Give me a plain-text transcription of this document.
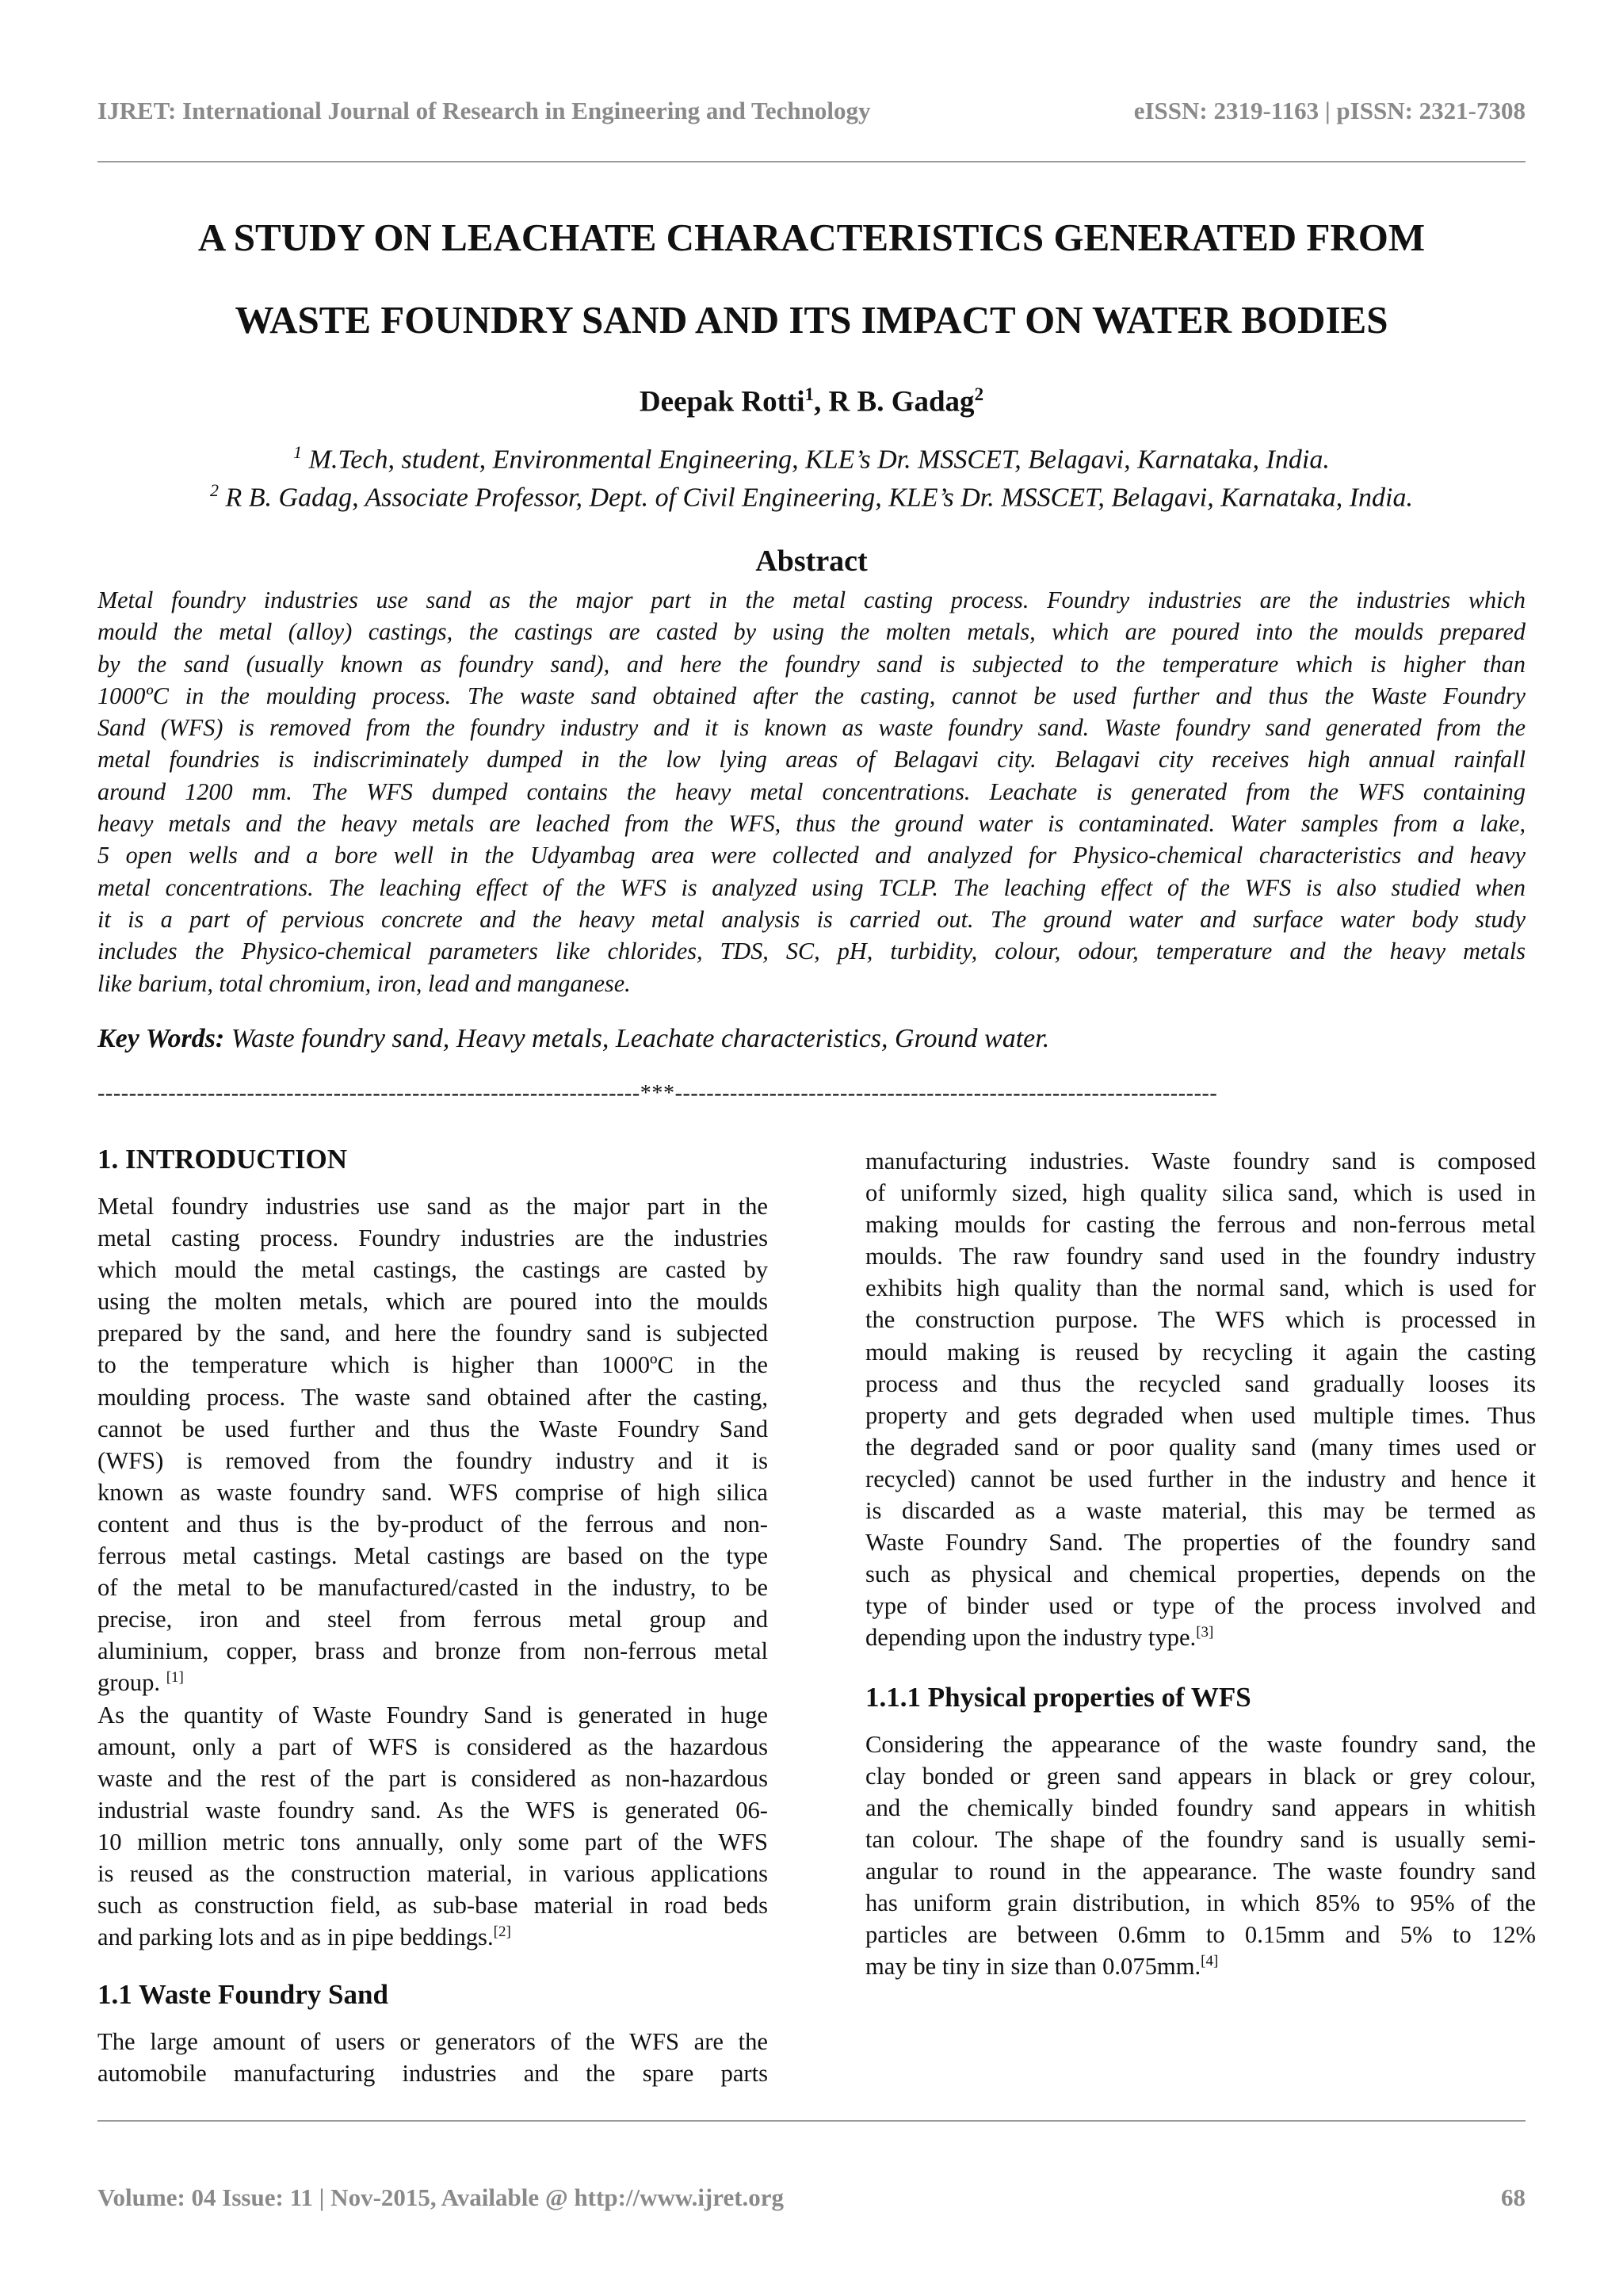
IJRET: International Journal of Research in Engineering and Technology	eISSN: 2319-1163 | pISSN: 2321-7308
A STUDY ON LEACHATE CHARACTERISTICS GENERATED FROM
WASTE FOUNDRY SAND AND ITS IMPACT ON WATER BODIES
Deepak Rotti$^1$, R B. Gadag$^2$
$^1$ M.Tech, student, Environmental Engineering, KLE’s Dr. MSSCET, Belagavi, Karnataka, India.
$^2$ R B. Gadag, Associate Professor, Dept. of Civil Engineering, KLE’s Dr. MSSCET, Belagavi, Karnataka, India.
Abstract
Metal foundry industries use sand as the major part in the metal casting process. Foundry industries are the industries which
mould the metal (alloy) castings, the castings are casted by using the molten metals, which are poured into the moulds prepared
by the sand (usually known as foundry sand), and here the foundry sand is subjected to the temperature which is higher than
1000ºC in the moulding process. The waste sand obtained after the casting, cannot be used further and thus the Waste Foundry
Sand (WFS) is removed from the foundry industry and it is known as waste foundry sand. Waste foundry sand generated from the
metal foundries is indiscriminately dumped in the low lying areas of Belagavi city. Belagavi city receives high annual rainfall
around 1200 mm. The WFS dumped contains the heavy metal concentrations. Leachate is generated from the WFS containing
heavy metals and the heavy metals are leached from the WFS, thus the ground water is contaminated. Water samples from a lake,
5 open wells and a bore well in the Udyambag area were collected and analyzed for Physico-chemical characteristics and heavy
metal concentrations. The leaching effect of the WFS is analyzed using TCLP. The leaching effect of the WFS is also studied when
it is a part of pervious concrete and the heavy metal analysis is carried out. The ground water and surface water body study
includes the Physico-chemical parameters like chlorides, TDS, SC, pH, turbidity, colour, odour, temperature and the heavy metals
like barium, total chromium, iron, lead and manganese.
Key Words: Waste foundry sand, Heavy metals, Leachate characteristics, Ground water.
---------------------------------------------------------------------***---------------------------------------------------------------------
1. INTRODUCTION
Metal foundry industries use sand as the major part in the
metal casting process. Foundry industries are the industries
which mould the metal castings, the castings are casted by
using the molten metals, which are poured into the moulds
prepared by the sand, and here the foundry sand is subjected
to the temperature which is higher than 1000ºC in the
moulding process. The waste sand obtained after the casting,
cannot be used further and thus the Waste Foundry Sand
(WFS) is removed from the foundry industry and it is
known as waste foundry sand. WFS comprise of high silica
content and thus is the by-product of the ferrous and non-
ferrous metal castings. Metal castings are based on the type
of the metal to be manufactured/casted in the industry, to be
precise, iron and steel from ferrous metal group and
aluminium, copper, brass and bronze from non-ferrous metal
group. [1]
As the quantity of Waste Foundry Sand is generated in huge
amount, only a part of WFS is considered as the hazardous
waste and the rest of the part is considered as non-hazardous
industrial waste foundry sand. As the WFS is generated 06-
10 million metric tons annually, only some part of the WFS
is reused as the construction material, in various applications
such as construction field, as sub-base material in road beds
and parking lots and as in pipe beddings.[2]
1.1 Waste Foundry Sand
The large amount of users or generators of the WFS are the
automobile manufacturing industries and the spare parts
manufacturing industries. Waste foundry sand is composed
of uniformly sized, high quality silica sand, which is used in
making moulds for casting the ferrous and non-ferrous metal
moulds. The raw foundry sand used in the foundry industry
exhibits high quality than the normal sand, which is used for
the construction purpose. The WFS which is processed in
mould making is reused by recycling it again the casting
process and thus the recycled sand gradually looses its
property and gets degraded when used multiple times. Thus
the degraded sand or poor quality sand (many times used or
recycled) cannot be used further in the industry and hence it
is discarded as a waste material, this may be termed as
Waste Foundry Sand. The properties of the foundry sand
such as physical and chemical properties, depends on the
type of binder used or type of the process involved and
depending upon the industry type.[3]
1.1.1 Physical properties of WFS
Considering the appearance of the waste foundry sand, the
clay bonded or green sand appears in black or grey colour,
and the chemically binded foundry sand appears in whitish
tan colour. The shape of the foundry sand is usually semi-
angular to round in the appearance. The waste foundry sand
has uniform grain distribution, in which 85% to 95% of the
particles are between 0.6mm to 0.15mm and 5% to 12%
may be tiny in size than 0.075mm.[4]
Volume: 04 Issue: 11 | Nov-2015, Available @ http://www.ijret.org	68
